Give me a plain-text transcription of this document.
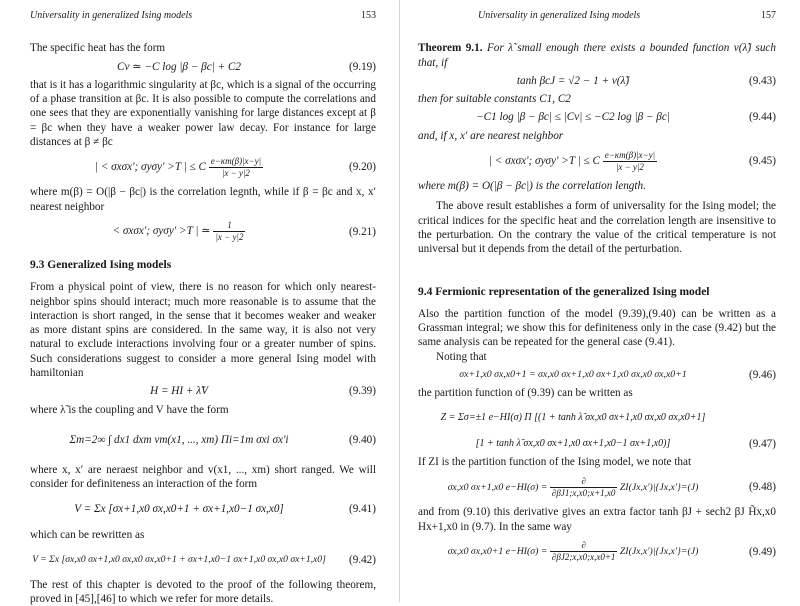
Universality in generalized Ising models	153

The specific heat has the form

Cv ≃ −C log |β − βc| + C2	(9.19)

that is it has a logarithmic singularity at βc, which is a signal of the occurring of a phase transition at βc. It is also possible to compute the correlations and one sees that they are exponentially vanishing for large distances except at β = βc when they have a weaker power law decay. For instance for large distances at β ≠ βc

| < σxσx′; σyσy′ >T | ≤ C $\frac{e-\kappa m(\beta)|x-y|}{|x - y|2}$	(9.20)

where m(β) = O(|β − βc|) is the correlation legnth, while if β = βc and x, x′ nearest neighbor

< σxσx′; σyσy′ >T | ≃ $\frac{1}{|x - y|2}$	(9.21)
9.3 Generalized Ising models

From a physical point of view, there is no reason for which only nearest-neighbor spins should interact; much more reasonable is to assume that the interaction is short ranged, in the sense that it becomes weaker and weaker as more distant spins are considered. In the same way, it is also not very natural to exclude interactions involving four or a greater number of spins. Such considerations suggest to consider a more general Ising model with hamiltonian

H = HI + λ̃V	(9.39)

where λ̃ is the coupling and V have the form

Σm=2∞ ∫ dx1 dxm vm(x1, ..., xm) Πi=1m σxi σx′i	(9.40)

where x, x′ are neraest neighbor and v(x1, ..., xm) short ranged. We will consider for definiteness an interaction of the form

V = Σx [σx+1,x0 σx,x0+1 + σx+1,x0−1 σx,x0]	(9.41)

which can be rewritten as

V = Σx [σx,x0 σx+1,x0 σx,x0 σx,x0+1 + σx+1,x0−1 σx+1,x0 σx,x0 σx+1,x0]	(9.42)

The rest of this chapter is devoted to the proof of the following theorem, proved in [45],[46] to which we refer for more details.

Universality in generalized Ising models	157

Theorem 9.1. For λ̃ small enough there exists a bounded function ν(λ̃) such that, if

tanh βcJ = √2 − 1 + ν(λ̃)	(9.43)

then for suitable constants C1, C2

−C1 log |β − βc| ≤ |Cv| ≤ −C2 log |β − βc|	(9.44)

and, if x, x′ are nearest neighbor

| < σxσx′; σyσy′ >T | ≤ C $\frac{e-\kappa m(\beta)|x-y|}{|x - y|2}$	(9.45)

where m(β) = O(|β − βc|) is the correlation length.

The above result establishes a form of universality for the Ising model; the critical indices for the specific heat and the correlation length are insensitive to the perturbation. On the contrary the value of the critical temperature is not universal but it depends from the detail of the perturbation.

9.4 Fermionic representation of the generalized Ising model

Also the partition function of the model (9.39),(9.40) can be written as a Grassman integral; we show this for definiteness only in the case (9.42) but the same analysis can be repeated for the general case (9.41).

Noting that

σx+1,x0 σx,x0+1 = σx,x0 σx+1,x0 σx+1,x0 σx,x0 σx,x0+1	(9.46)

the partition function of (9.39) can be written as

Z = Σσ=±1 e−HI(σ) Π [(1 + tanh λ̃ σx,x0 σx+1,x0 σx,x0 σx,x0+1]
[1 + tanh λ̃ σx,x0 σx+1,x0 σx+1,x0−1 σx+1,x0)]	(9.47)

If ZI is the partition function of the Ising model, we note that

σx,x0 σx+1,x0 $e-HI(\sigma) = \frac{\partial}{\partial\beta J1;x,x0;x+1,x0} ZI(Jx,x')|\{Jx,x'\}=(J)$	(9.48)

and from (9.10) this derivative gives an extra factor tanh βJ + sech2 βJ H̃x,x0 Hx+1,x0 in (9.7). In the same way

σx,x0 σx,x0+1 $e-HI(\sigma) = \frac{\partial}{\partial\beta J2;x,x0;x,x0+1} ZI(Jx,x')|\{Jx,x'\}=(J)$	(9.49)
